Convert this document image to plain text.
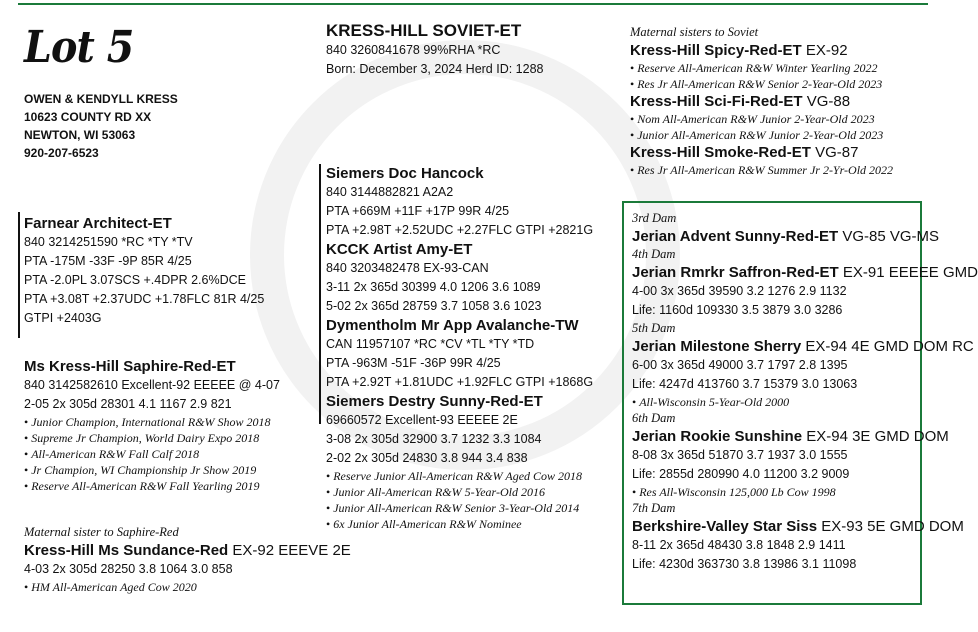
Lot 5
OWEN & KENDYLL KRESS
10623 COUNTY RD XX
NEWTON, WI 53063
920-207-6523
Farnear Architect-ET
840 3214251590 *RC *TY *TV
PTA -175M -33F -9P 85R 4/25
PTA -2.0PL 3.07SCS +.4DPR 2.6%DCE
PTA +3.08T +2.37UDC +1.78FLC 81R 4/25
GTPI +2403G
Ms Kress-Hill Saphire-Red-ET
840 3142582610 Excellent-92 EEEEE @ 4-07
2-05 2x 305d 28301 4.1 1167 2.9 821
• Junior Champion, International R&W Show 2018
• Supreme Jr Champion, World Dairy Expo 2018
• All-American R&W Fall Calf 2018
• Jr Champion, WI Championship Jr Show 2019
• Reserve All-American R&W Fall Yearling 2019
Maternal sister to Saphire-Red
Kress-Hill Ms Sundance-Red EX-92 EEEVE 2E
4-03 2x 305d 28250 3.8 1064 3.0 858
• HM All-American Aged Cow 2020
KRESS-HILL SOVIET-ET
840 3260841678 99%RHA *RC
Born: December 3, 2024 Herd ID: 1288
Siemers Doc Hancock
840 3144882821 A2A2
PTA +669M +11F +17P 99R 4/25
PTA +2.98T +2.52UDC +2.27FLC GTPI +2821G
KCCK Artist Amy-ET
840 3203482478 EX-93-CAN
3-11 2x 365d 30399 4.0 1206 3.6 1089
5-02 2x 365d 28759 3.7 1058 3.6 1023
Dymentholm Mr App Avalanche-TW
CAN 11957107 *RC *CV *TL *TY *TD
PTA -963M -51F -36P 99R 4/25
PTA +2.92T +1.81UDC +1.92FLC GTPI +1868G
Siemers Destry Sunny-Red-ET
69660572 Excellent-93 EEEEE 2E
3-08 2x 305d 32900 3.7 1232 3.3 1084
2-02 2x 305d 24830 3.8 944 3.4 838
• Reserve Junior All-American R&W Aged Cow 2018
• Junior All-American R&W 5-Year-Old 2016
• Junior All-American R&W Senior 3-Year-Old 2014
• 6x Junior All-American R&W Nominee
Maternal sisters to Soviet
Kress-Hill Spicy-Red-ET EX-92
• Reserve All-American R&W Winter Yearling 2022
• Res Jr All-American R&W Senior 2-Year-Old 2023
Kress-Hill Sci-Fi-Red-ET VG-88
• Nom All-American R&W Junior 2-Year-Old 2023
• Junior All-American R&W Junior 2-Year-Old 2023
Kress-Hill Smoke-Red-ET VG-87
• Res Jr All-American R&W Summer Jr 2-Yr-Old 2022
3rd Dam
Jerian Advent Sunny-Red-ET VG-85 VG-MS
4th Dam
Jerian Rmrkr Saffron-Red-ET EX-91 EEEEE GMD
4-00 3x 365d 39590 3.2 1276 2.9 1132
Life: 1160d 109330 3.5 3879 3.0 3286
5th Dam
Jerian Milestone Sherry EX-94 4E GMD DOM RC
6-00 3x 365d 49000 3.7 1797 2.8 1395
Life: 4247d 413760 3.7 15379 3.0 13063
• All-Wisconsin 5-Year-Old 2000
6th Dam
Jerian Rookie Sunshine EX-94 3E GMD DOM
8-08 3x 365d 51870 3.7 1937 3.0 1555
Life: 2855d 280990 4.0 11200 3.2 9009
• Res All-Wisconsin 125,000 Lb Cow 1998
7th Dam
Berkshire-Valley Star Siss EX-93 5E GMD DOM
8-11 2x 365d 48430 3.8 1848 2.9 1411
Life: 4230d 363730 3.8 13986 3.1 11098
